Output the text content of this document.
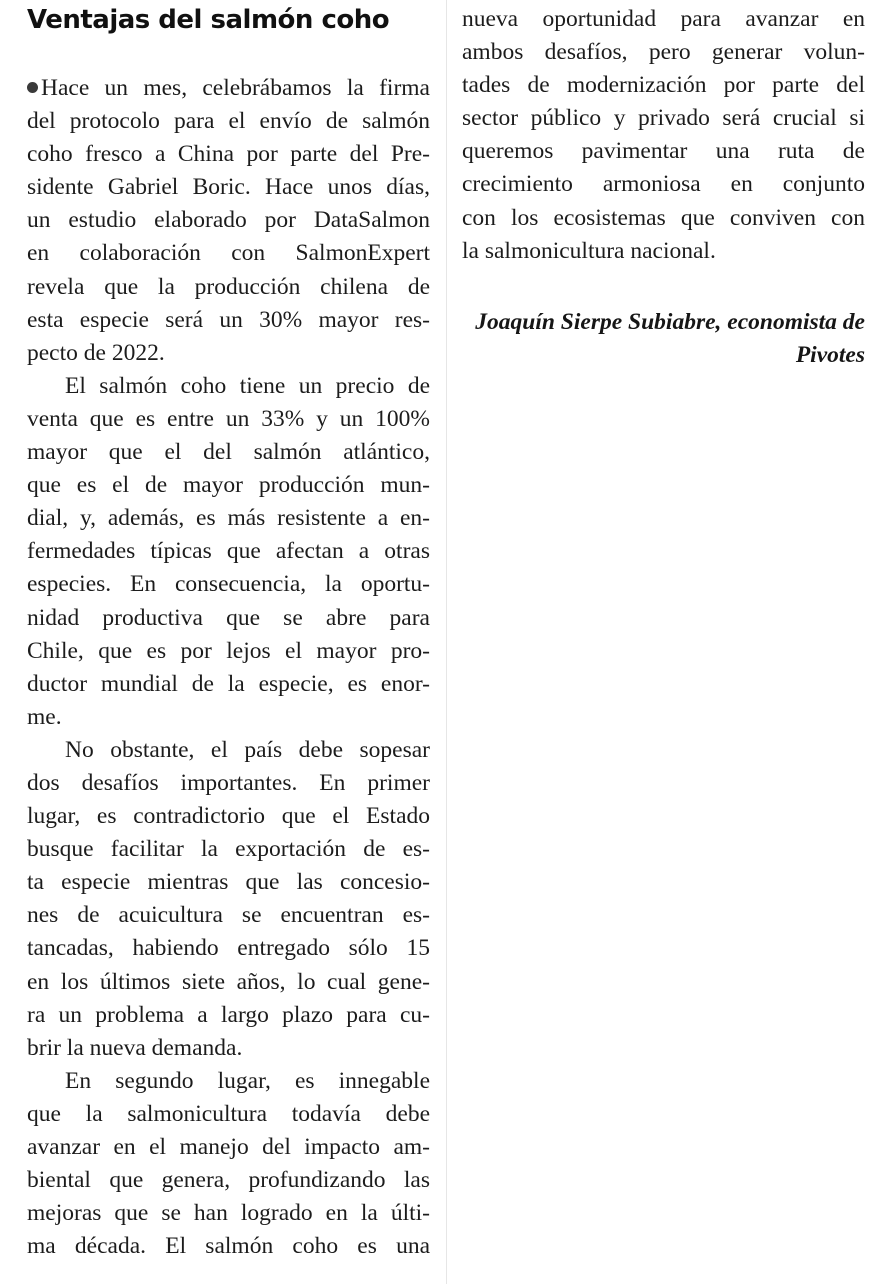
Ventajas del salmón coho
Hace un mes, celebrábamos la firma
del protocolo para el envío de salmón
coho fresco a China por parte del Pre-
sidente Gabriel Boric. Hace unos días,
un estudio elaborado por DataSalmon
en colaboración con SalmonExpert
revela que la producción chilena de
esta especie será un 30% mayor res-
pecto de 2022.
El salmón coho tiene un precio de
venta que es entre un 33% y un 100%
mayor que el del salmón atlántico,
que es el de mayor producción mun-
dial, y, además, es más resistente a en-
fermedades típicas que afectan a otras
especies. En consecuencia, la oportu-
nidad productiva que se abre para
Chile, que es por lejos el mayor pro-
ductor mundial de la especie, es enor-
me.
No obstante, el país debe sopesar
dos desafíos importantes. En primer
lugar, es contradictorio que el Estado
busque facilitar la exportación de es-
ta especie mientras que las concesio-
nes de acuicultura se encuentran es-
tancadas, habiendo entregado sólo 15
en los últimos siete años, lo cual gene-
ra un problema a largo plazo para cu-
brir la nueva demanda.
En segundo lugar, es innegable
que la salmonicultura todavía debe
avanzar en el manejo del impacto am-
biental que genera, profundizando las
mejoras que se han logrado en la últi-
ma década. El salmón coho es una
nueva oportunidad para avanzar en
ambos desafíos, pero generar volun-
tades de modernización por parte del
sector público y privado será crucial si
queremos pavimentar una ruta de
crecimiento armoniosa en conjunto
con los ecosistemas que conviven con
la salmonicultura nacional.
Joaquín Sierpe Subiabre, economista de Pivotes
